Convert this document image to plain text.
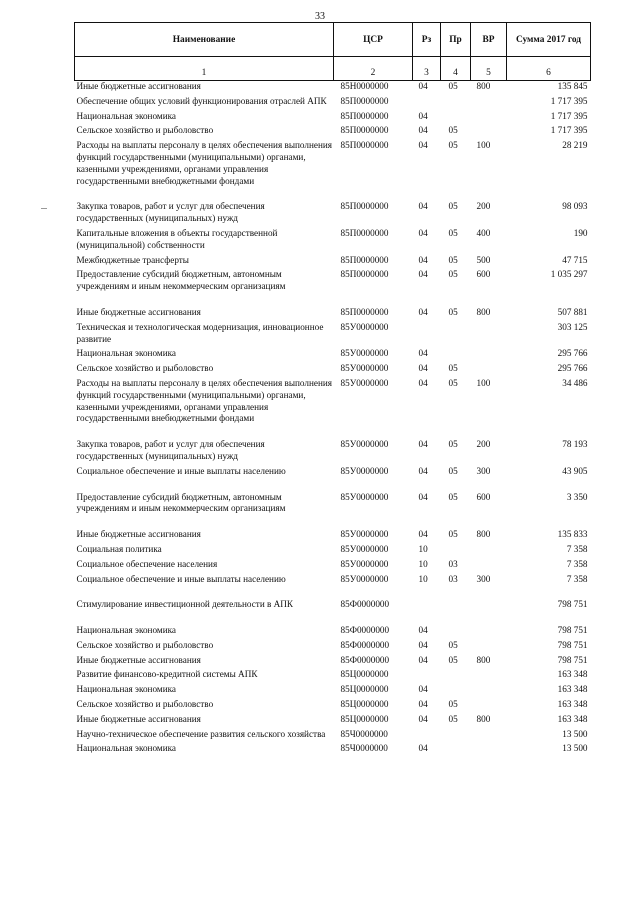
33
Наименование	ЦСР	Рз	Пр	ВР	Сумма 2017 год
1	2	3	4	5	6
Иные бюджетные ассигнования	85Н0000000	04	05	800	135 845
Обеспечение общих условий функционирования отраслей АПК	85П0000000				1 717 395
Национальная экономика	85П0000000	04			1 717 395
Сельское хозяйство и рыболовство	85П0000000	04	05		1 717 395
Расходы на выплаты персоналу в целях обеспечения выполнения функций государственными (муниципальными) органами, казенными учреждениями, органами управления государственными внебюджетными фондами	85П0000000	04	05	100	28 219
Закупка товаров, работ и услуг для обеспечения государственных (муниципальных) нужд	85П0000000	04	05	200	98 093
Капитальные вложения в объекты государственной (муниципальной) собственности	85П0000000	04	05	400	190
Межбюджетные трансферты	85П0000000	04	05	500	47 715
Предоставление субсидий бюджетным, автономным учреждениям и иным некоммерческим организациям	85П0000000	04	05	600	1 035 297
Иные бюджетные ассигнования	85П0000000	04	05	800	507 881
Техническая и технологическая модернизация, инновационное развитие	85У0000000				303 125
Национальная экономика	85У0000000	04			295 766
Сельское хозяйство и рыболовство	85У0000000	04	05		295 766
Расходы на выплаты персоналу в целях обеспечения выполнения функций государственными (муниципальными) органами, казенными учреждениями, органами управления государственными внебюджетными фондами	85У0000000	04	05	100	34 486
Закупка товаров, работ и услуг для обеспечения государственных (муниципальных) нужд	85У0000000	04	05	200	78 193
Социальное обеспечение и иные выплаты населению	85У0000000	04	05	300	43 905
Предоставление субсидий бюджетным, автономным учреждениям и иным некоммерческим организациям	85У0000000	04	05	600	3 350
Иные бюджетные ассигнования	85У0000000	04	05	800	135 833
Социальная политика	85У0000000	10			7 358
Социальное обеспечение населения	85У0000000	10	03		7 358
Социальное обеспечение и иные выплаты населению	85У0000000	10	03	300	7 358
Стимулирование инвестиционной деятельности в АПК	85Ф0000000				798 751
Национальная экономика	85Ф0000000	04			798 751
Сельское хозяйство и рыболовство	85Ф0000000	04	05		798 751
Иные бюджетные ассигнования	85Ф0000000	04	05	800	798 751
Развитие финансово-кредитной системы АПК	85Ц0000000				163 348
Национальная экономика	85Ц0000000	04			163 348
Сельское хозяйство и рыболовство	85Ц0000000	04	05		163 348
Иные бюджетные ассигнования	85Ц0000000	04	05	800	163 348
Научно-техническое обеспечение развития сельского хозяйства	85Ч0000000				13 500
Национальная экономика	85Ч0000000	04			13 500
